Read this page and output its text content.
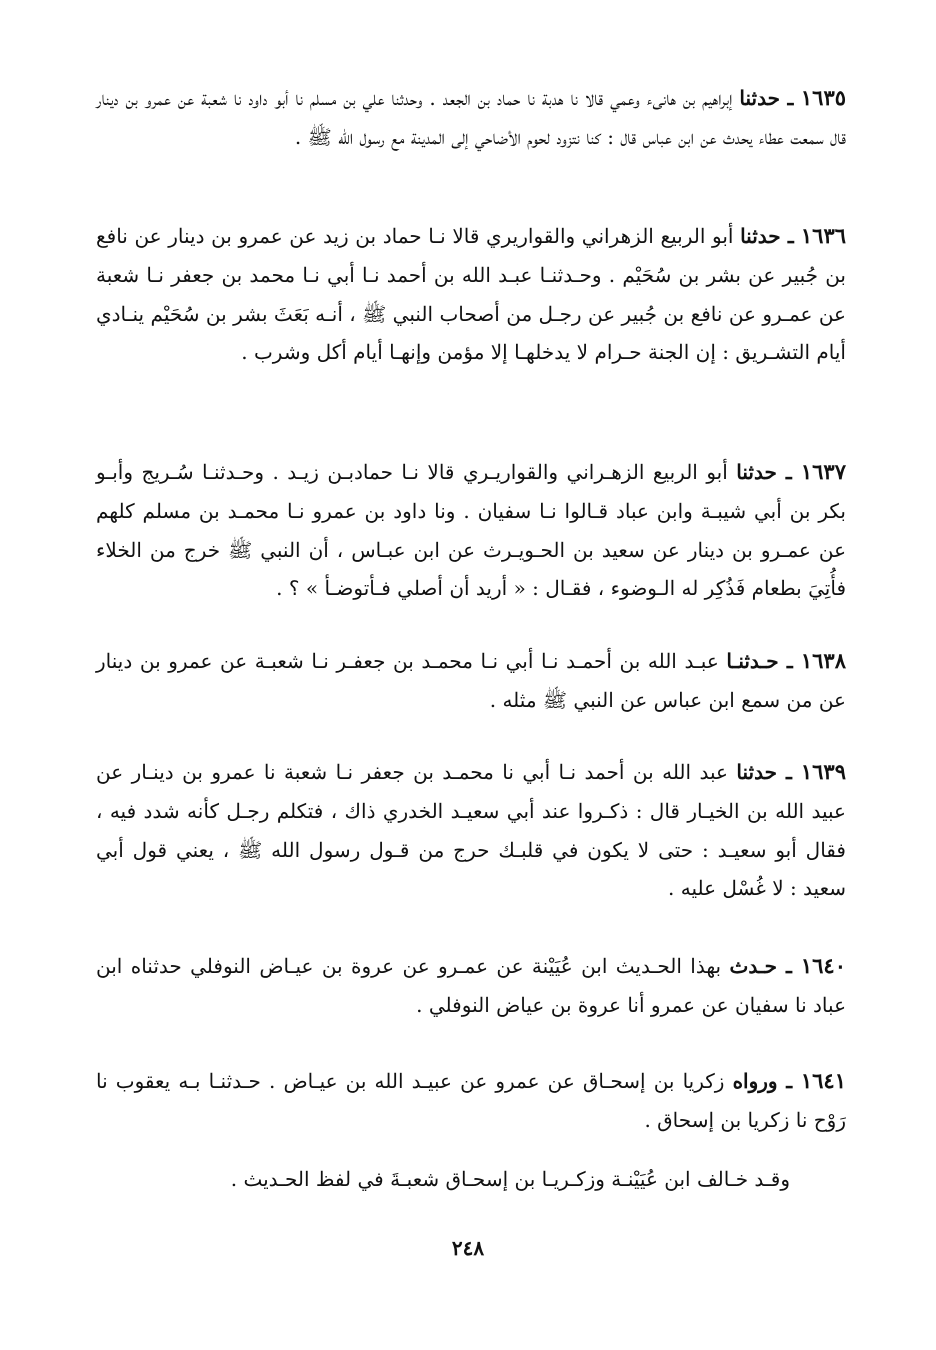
١٦٣٥ ـ حدثنا إبراهيم بن هانىء وعمي قالا نا هدبة نا حماد بن الجعد . وحدثنا علي بن مسلم نا أبو داود نا شعبة عن عمرو بن دينار قال سمعت عطاء يحدث عن ابن عباس قال : كنا نتزود لحوم الأضاحي إلى المدينة مع رسول اللّه ﷺ .

١٦٣٦ ـ حدثنا أبو الربيع الزهراني والقواريري قالا نـا حماد بن زيد عن عمرو بن دينار عن نافع بن جُبير عن بشر بن سُحَيْم . وحـدثنـا عبـد الله بن أحمد نـا أبي نـا محمد بن جعفر نـا شعبة عن عمـرو عن نافع بن جُبير عن رجـل من أصحاب النبي ﷺ ، أنـه بَعَثَ بشر بن سُحَيْم ينـادي أيام التشـريق : إن الجنة حـرام لا يدخلهـا إلا مؤمن وإنهـا أيام أكل وشرب .

١٦٣٧ ـ حدثنا أبو الربيع الزهـراني والقواريـري قالا نـا حمادبـن زيـد . وحـدثنـا سُـريج وأبـو بكر بن أبي شيبـة وابن عباد قـالوا نـا سفيان . ونا داود بن عمرو نـا محمـد بن مسلم كلهم عن عمـرو بن دينار عن سعيد بن الحـويـرث عن ابن عبـاس ، أن النبي ﷺ خرج من الخلاء فأُتِيَ بطعام فَذُكِر له الـوضوء ، فقـال : « أريد أن أصلي فـأتوضـأ » ؟ .

١٦٣٨ ـ حـدثنـا عبـد الله بن أحمـد نـا أبي نـا محمـد بن جعفـر نـا شعبـة عن عمرو بن دينار عن من سمع ابن عباس عن النبي ﷺ مثله .

١٦٣٩ ـ حدثنا عبد الله بن أحمد نـا أبي نا محمـد بن جعفر نـا شعبة نا عمرو بن دينـار عن عبيد الله بن الخيـار قال : ذكـروا عند أبي سعيـد الخدري ذاك ، فتكلم رجـل كأنه شدد فيه ، فقال أبو سعيـد : حتى لا يكون في قلبـك حرج من قـول رسول الله ﷺ ، يعني قول أبي سعيد : لا غُسْل عليه .

١٦٤٠ ـ حـدث بهذا الحـديث ابن عُيَيْنة عن عمـرو عن عروة بن عيـاض النوفلي حدثناه ابن عباد نا سفيان عن عمرو أنا عروة بن عياض النوفلي .

١٦٤١ ـ ورواه زكريا بن إسحـاق عن عمرو عن عبيـد الله بن عيـاض . حـدثنـا بـه يعقوب نا رَوْح نا زكريا بن إسحاق .

وقـد خـالف ابن عُيَيْنـة وزكـريـا بن إسحـاق شعبـةَ في لفظ الحـديث .

٢٤٨
